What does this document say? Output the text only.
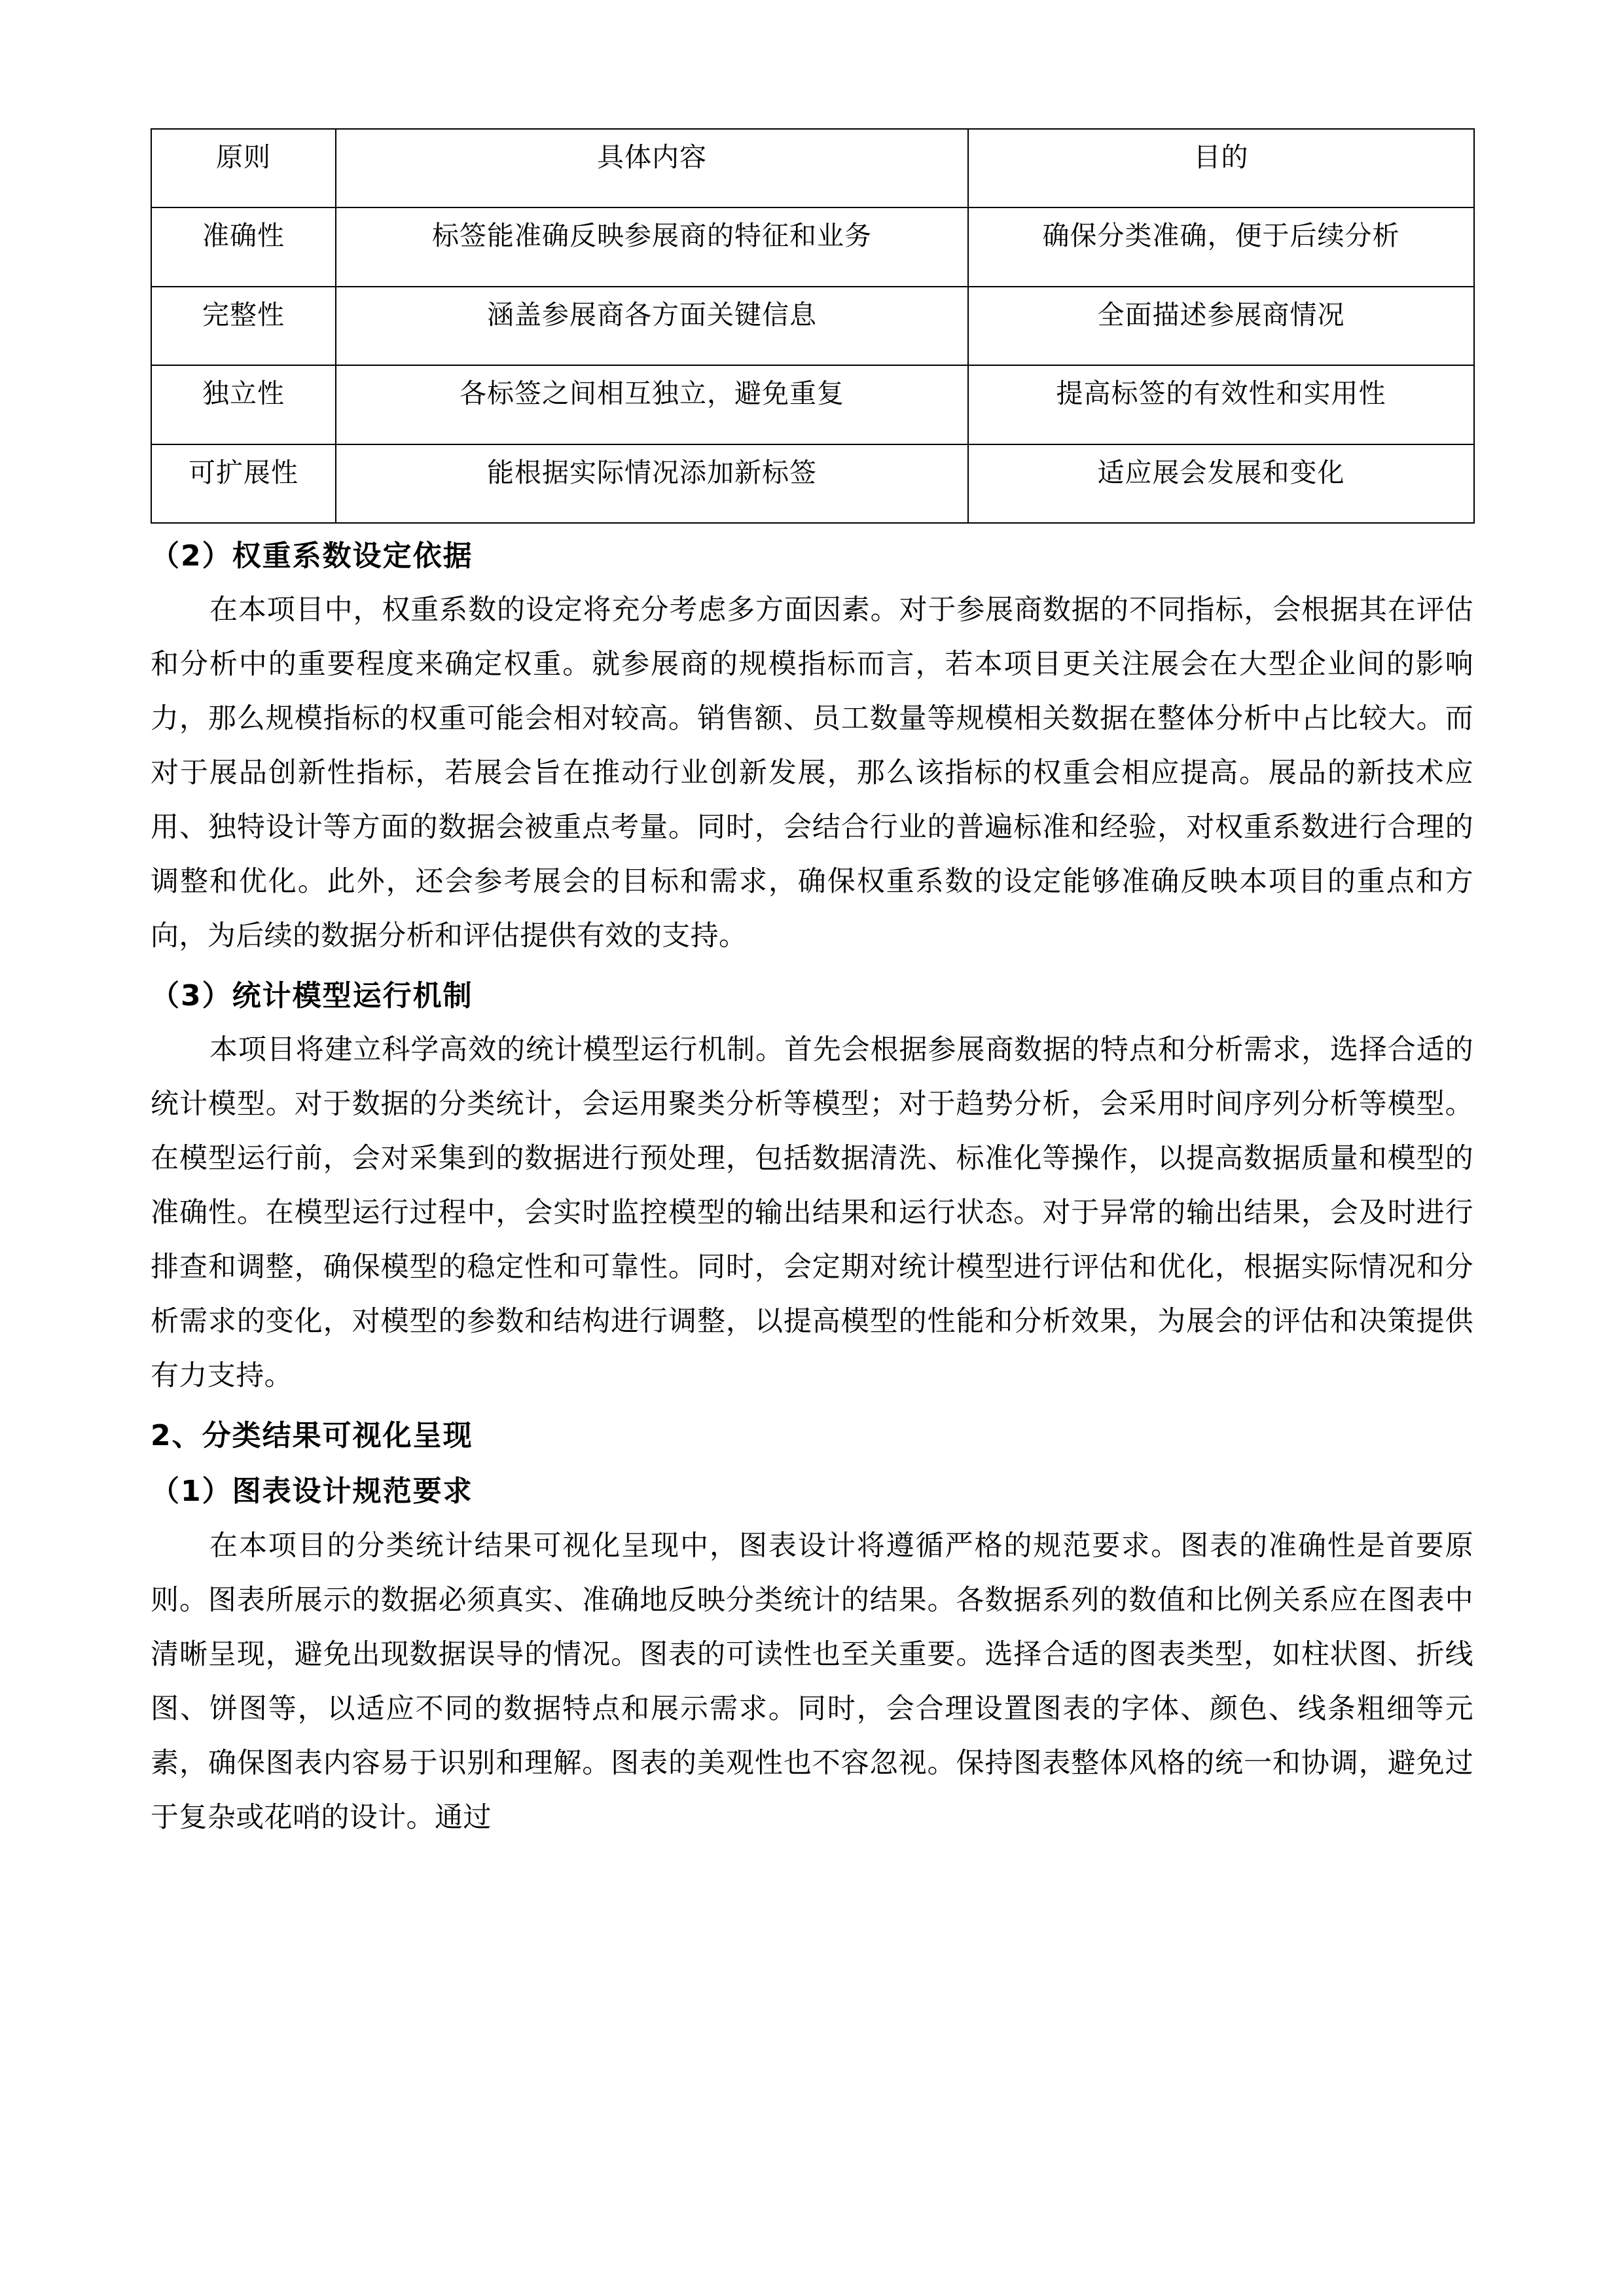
原则	具体内容	目的
准确性	标签能准确反映参展商的特征和业务	确保分类准确，便于后续分析
完整性	涵盖参展商各方面关键信息	全面描述参展商情况
独立性	各标签之间相互独立，避免重复	提高标签的有效性和实用性
可扩展性	能根据实际情况添加新标签	适应展会发展和变化
（2）权重系数设定依据

在本项目中，权重系数的设定将充分考虑多方面因素。对于参展商数据的不同指标，会根据其在评估和分析中的重要程度来确定权重。就参展商的规模指标而言，若本项目更关注展会在大型企业间的影响力，那么规模指标的权重可能会相对较高。销售额、员工数量等规模相关数据在整体分析中占比较大。而对于展品创新性指标，若展会旨在推动行业创新发展，那么该指标的权重会相应提高。展品的新技术应用、独特设计等方面的数据会被重点考量。同时，会结合行业的普遍标准和经验，对权重系数进行合理的调整和优化。此外，还会参考展会的目标和需求，确保权重系数的设定能够准确反映本项目的重点和方向，为后续的数据分析和评估提供有效的支持。

（3）统计模型运行机制

本项目将建立科学高效的统计模型运行机制。首先会根据参展商数据的特点和分析需求，选择合适的统计模型。对于数据的分类统计，会运用聚类分析等模型；对于趋势分析，会采用时间序列分析等模型。在模型运行前，会对采集到的数据进行预处理，包括数据清洗、标准化等操作，以提高数据质量和模型的准确性。在模型运行过程中，会实时监控模型的输出结果和运行状态。对于异常的输出结果，会及时进行排查和调整，确保模型的稳定性和可靠性。同时，会定期对统计模型进行评估和优化，根据实际情况和分析需求的变化，对模型的参数和结构进行调整，以提高模型的性能和分析效果，为展会的评估和决策提供有力支持。

2、分类结果可视化呈现
（1）图表设计规范要求

在本项目的分类统计结果可视化呈现中，图表设计将遵循严格的规范要求。图表的准确性是首要原则。图表所展示的数据必须真实、准确地反映分类统计的结果。各数据系列的数值和比例关系应在图表中清晰呈现，避免出现数据误导的情况。图表的可读性也至关重要。选择合适的图表类型，如柱状图、折线图、饼图等，以适应不同的数据特点和展示需求。同时，会合理设置图表的字体、颜色、线条粗细等元素，确保图表内容易于识别和理解。图表的美观性也不容忽视。保持图表整体风格的统一和协调，避免过于复杂或花哨的设计。通过
